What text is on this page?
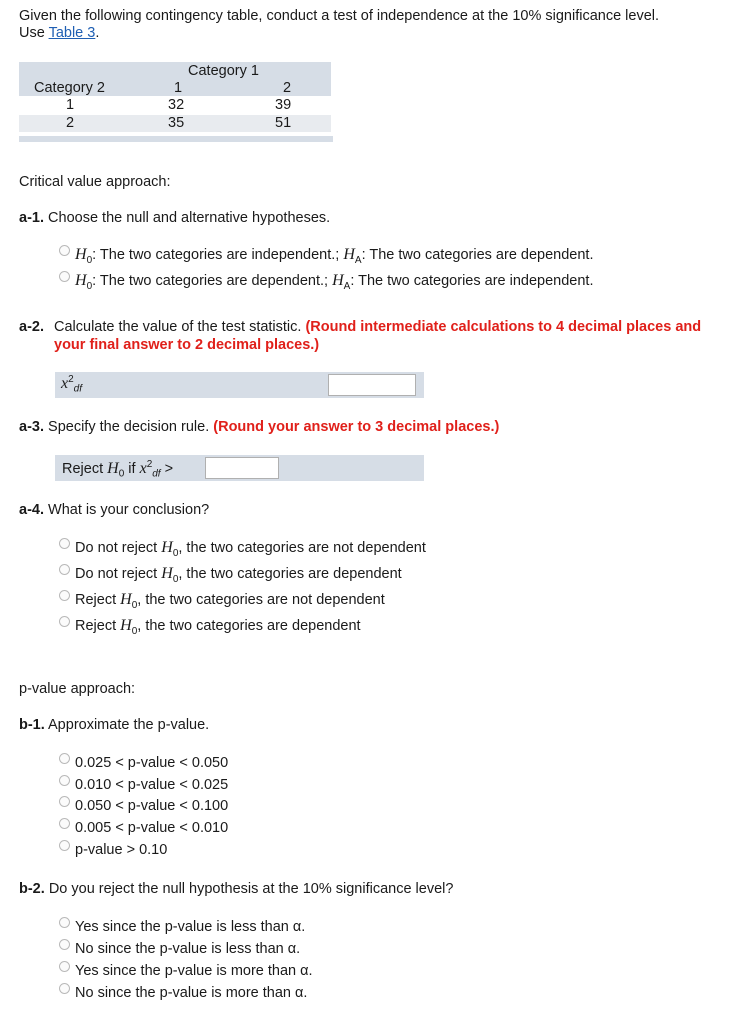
Given the following contingency table, conduct a test of independence at the 10% significance level.
Use Table 3.
Category 1
Category 2	1	2
1	32	39
2	35	51
Critical value approach:
a-1. Choose the null and alternative hypotheses.
$H_0$: The two categories are independent.; $H_A$: The two categories are dependent.
$H_0$: The two categories are dependent.; $H_A$: The two categories are independent.
a-2. Calculate the value of the test statistic. (Round intermediate calculations to 4 decimal places and your final answer to 2 decimal places.)
$x^2_{df}$
a-3. Specify the decision rule. (Round your answer to 3 decimal places.)
Reject $H_0$ if $x^2_{df}$ >
a-4. What is your conclusion?
Do not reject $H_0$, the two categories are not dependent
Do not reject $H_0$, the two categories are dependent
Reject $H_0$, the two categories are not dependent
Reject $H_0$, the two categories are dependent
p-value approach:
b-1. Approximate the p-value.
0.025 < p-value < 0.050
0.010 < p-value < 0.025
0.050 < p-value < 0.100
0.005 < p-value < 0.010
p-value > 0.10
b-2. Do you reject the null hypothesis at the 10% significance level?
Yes since the p-value is less than α.
No since the p-value is less than α.
Yes since the p-value is more than α.
No since the p-value is more than α.
